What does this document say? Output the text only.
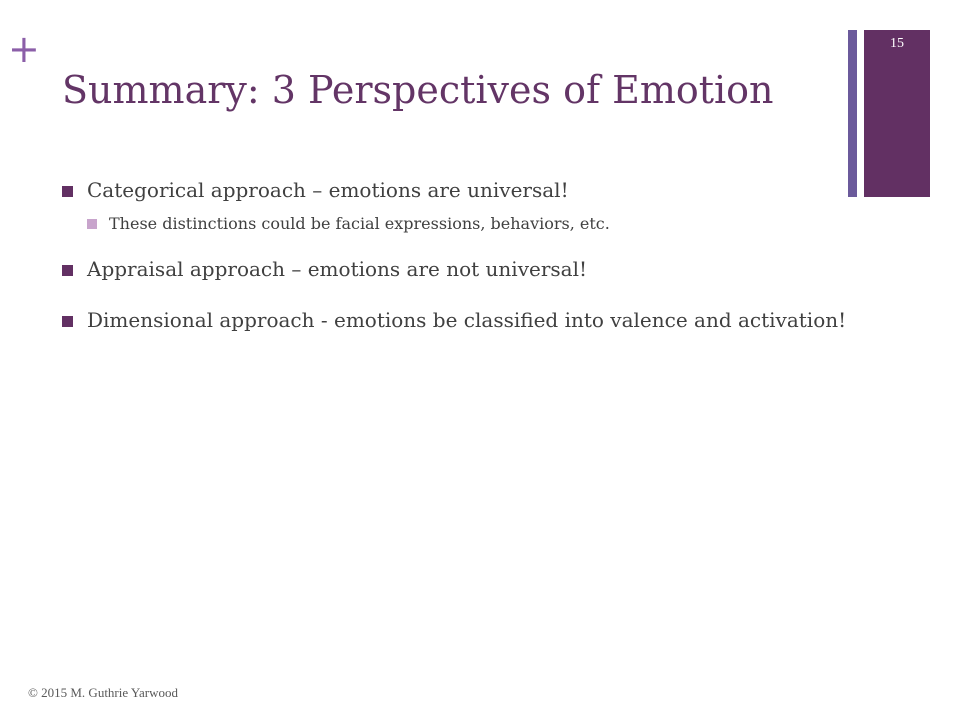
+	15
Summary: 3 Perspectives of Emotion
Categorical approach – emotions are universal!
These distinctions could be facial expressions, behaviors, etc.
Appraisal approach – emotions are not universal!
Dimensional approach - emotions be classified into valence and activation!
© 2015 M. Guthrie Yarwood
